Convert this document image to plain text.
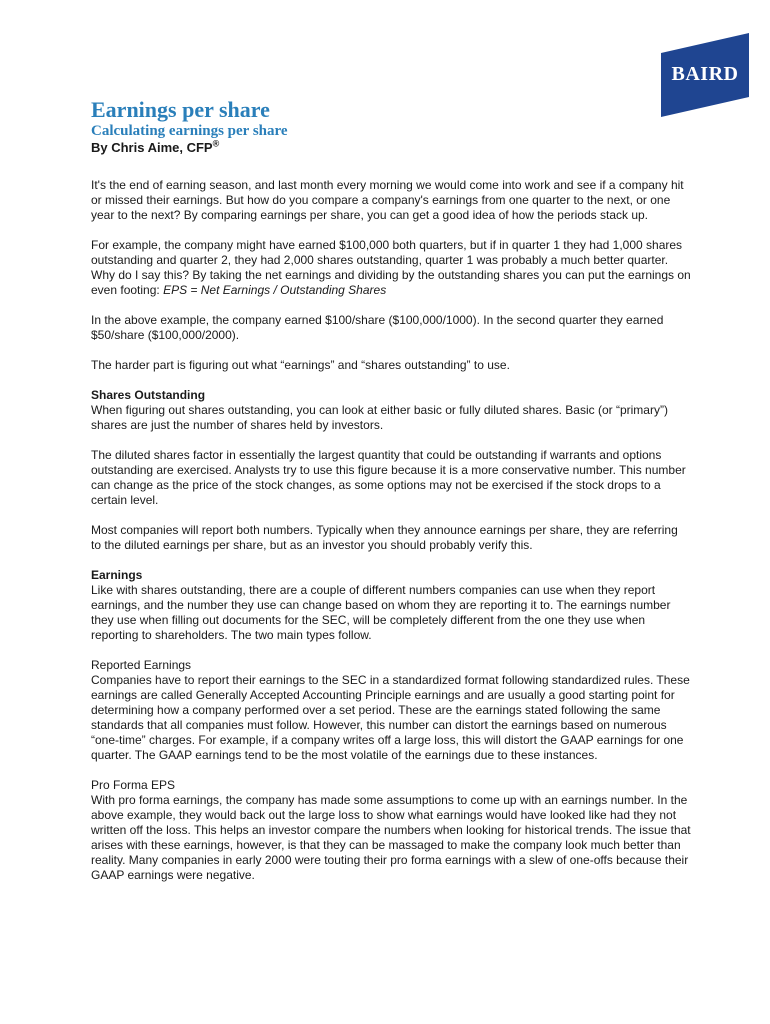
BAIRD
Earnings per share
Calculating earnings per share

By Chris Aime, CFP®

It's the end of earning season, and last month every morning we would come into work and see if a company hit or missed their earnings. But how do you compare a company's earnings from one quarter to the next, or one year to the next? By comparing earnings per share, you can get a good idea of how the periods stack up.

For example, the company might have earned $100,000 both quarters, but if in quarter 1 they had 1,000 shares outstanding and quarter 2, they had 2,000 shares outstanding, quarter 1 was probably a much better quarter. Why do I say this? By taking the net earnings and dividing by the outstanding shares you can put the earnings on even footing: EPS = Net Earnings / Outstanding Shares

In the above example, the company earned $100/share ($100,000/1000). In the second quarter they earned $50/share ($100,000/2000).

The harder part is figuring out what “earnings” and “shares outstanding” to use.

Shares Outstanding
When figuring out shares outstanding, you can look at either basic or fully diluted shares. Basic (or “primary”) shares are just the number of shares held by investors.

The diluted shares factor in essentially the largest quantity that could be outstanding if warrants and options outstanding are exercised. Analysts try to use this figure because it is a more conservative number. This number can change as the price of the stock changes, as some options may not be exercised if the stock drops to a certain level.

Most companies will report both numbers. Typically when they announce earnings per share, they are referring to the diluted earnings per share, but as an investor you should probably verify this.

Earnings
Like with shares outstanding, there are a couple of different numbers companies can use when they report earnings, and the number they use can change based on whom they are reporting it to. The earnings number they use when filling out documents for the SEC, will be completely different from the one they use when reporting to shareholders. The two main types follow.

Reported Earnings
Companies have to report their earnings to the SEC in a standardized format following standardized rules. These earnings are called Generally Accepted Accounting Principle earnings and are usually a good starting point for determining how a company performed over a set period. These are the earnings stated following the same standards that all companies must follow. However, this number can distort the earnings based on numerous “one-time” charges. For example, if a company writes off a large loss, this will distort the GAAP earnings for one quarter. The GAAP earnings tend to be the most volatile of the earnings due to these instances.

Pro Forma EPS
With pro forma earnings, the company has made some assumptions to come up with an earnings number. In the above example, they would back out the large loss to show what earnings would have looked like had they not written off the loss. This helps an investor compare the numbers when looking for historical trends. The issue that arises with these earnings, however, is that they can be massaged to make the company look much better than reality. Many companies in early 2000 were touting their pro forma earnings with a slew of one-offs because their GAAP earnings were negative.
